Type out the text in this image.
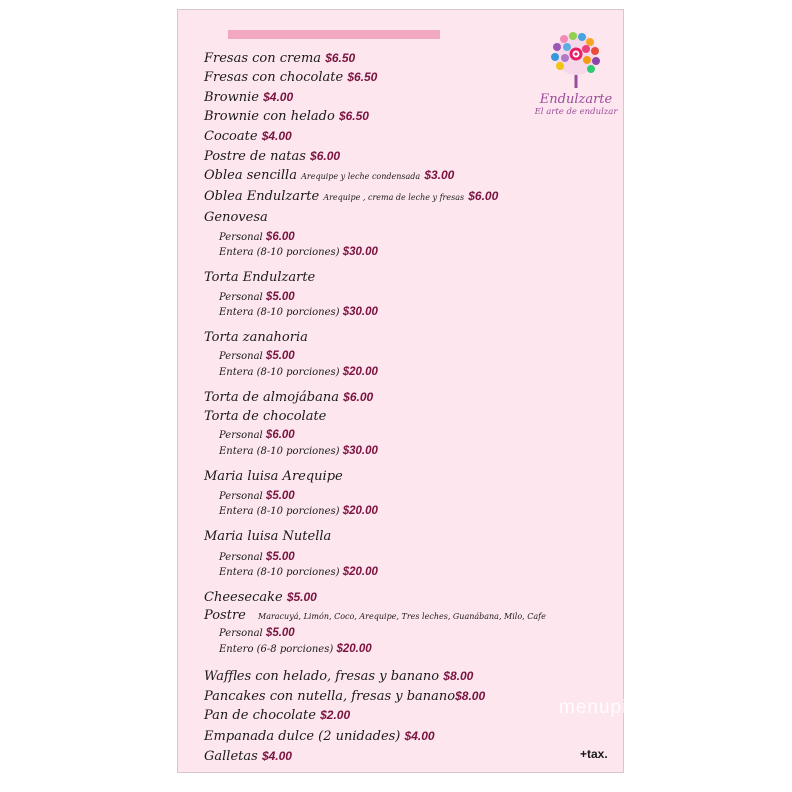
Endulzarte
El arte de endulzar
Fresas con crema $6.50
Fresas con chocolate $6.50
Brownie $4.00
Brownie con helado $6.50
Cocoate $4.00
Postre de natas $6.00
Oblea sencilla Arequipe y leche condensada $3.00
Oblea Endulzarte Arequipe , crema de leche y fresas $6.00
Genovesa
Personal $6.00
Entera (8-10 porciones) $30.00
Torta Endulzarte
Personal $5.00
Entera (8-10 porciones) $30.00
Torta zanahoria
Personal $5.00
Entera (8-10 porciones) $20.00
Torta de almojábana $6.00
Torta de chocolate
Personal $6.00
Entera (8-10 porciones) $30.00
Maria luisa Arequipe
Personal $5.00
Entera (8-10 porciones) $20.00
Maria luisa Nutella
Personal $5.00
Entera (8-10 porciones) $20.00
Cheesecake $5.00
Postre Maracuyá, Limón, Coco, Arequipe, Tres leches, Guanábana, Milo, Cafe
Personal $5.00
Entero (6-8 porciones) $20.00
Waffles con helado, fresas y banano $8.00
Pancakes con nutella, fresas y banano$8.00
Pan de chocolate $2.00
Empanada dulce (2 unidades) $4.00
Galletas $4.00	+tax.
menupix
